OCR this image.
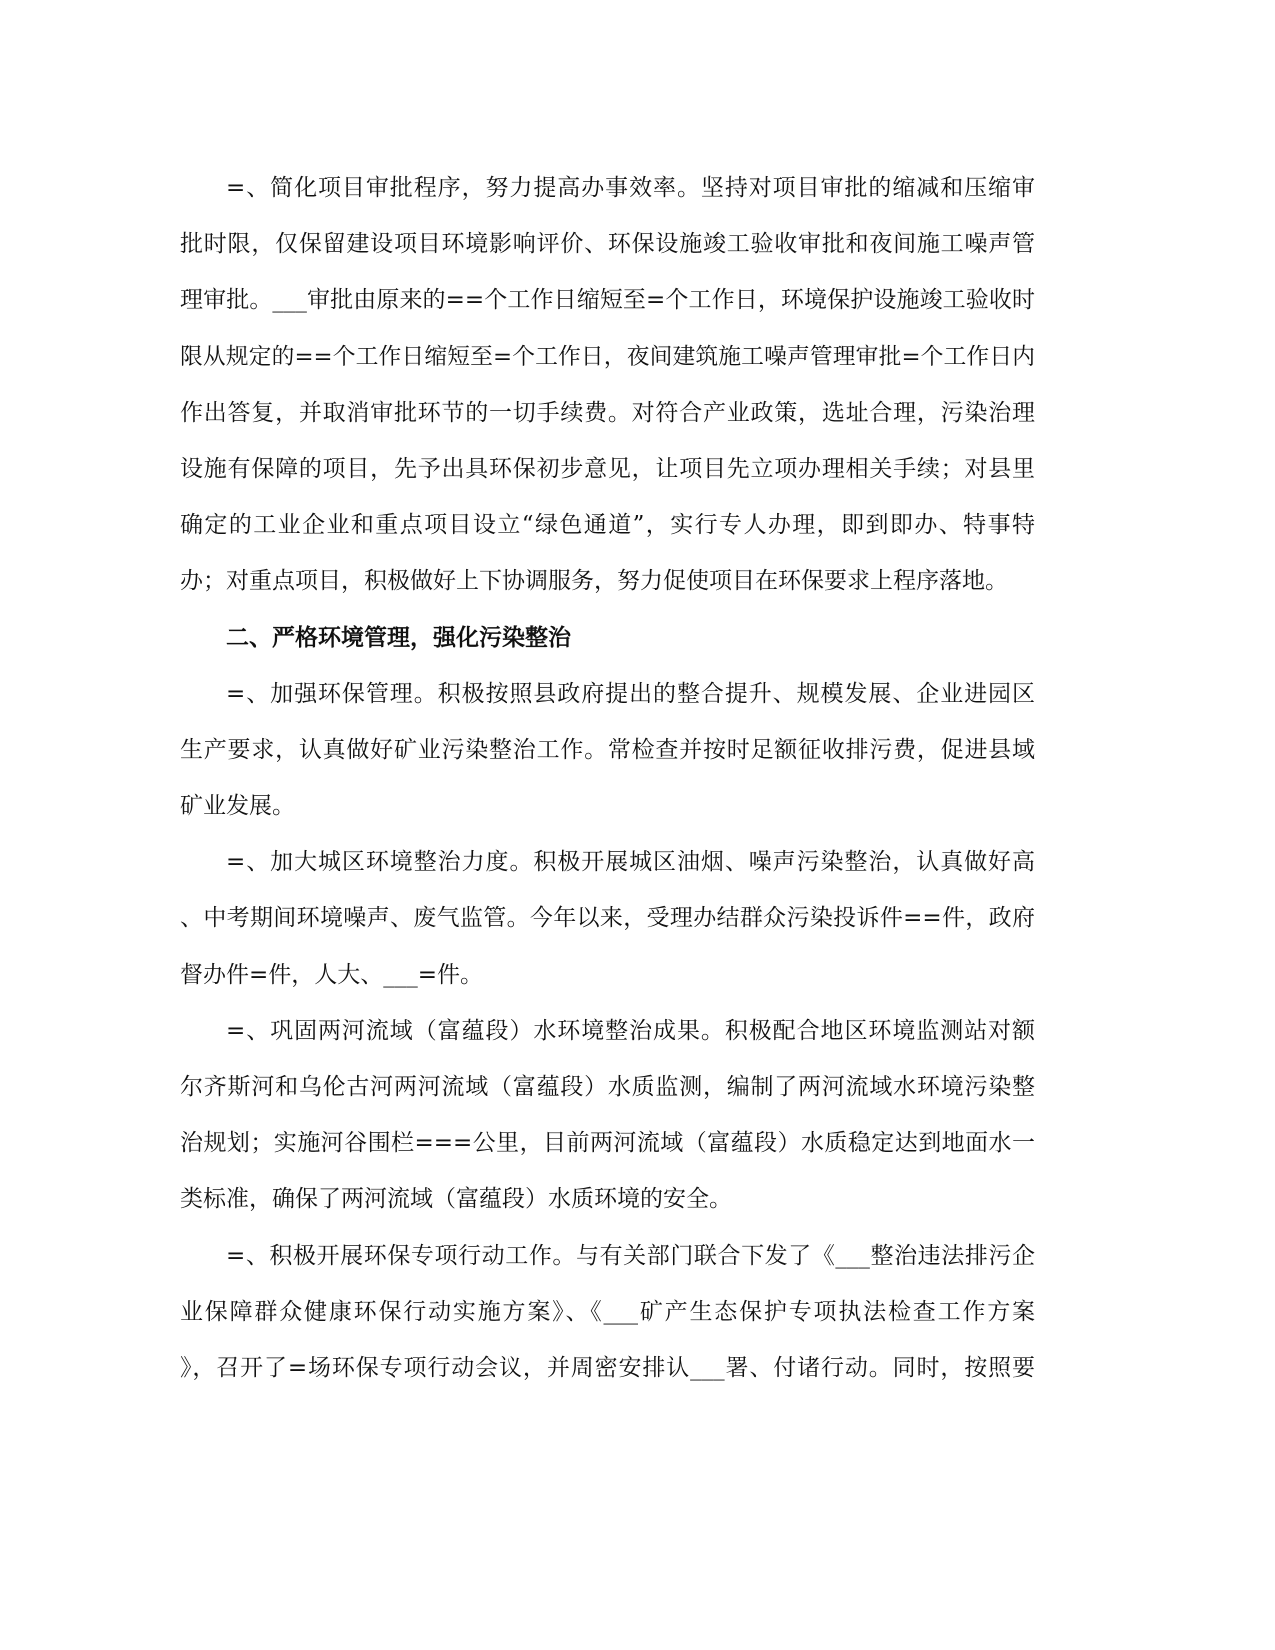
=、简化项目审批程序，努力提高办事效率。坚持对项目审批的缩减和压缩审
批时限，仅保留建设项目环境影响评价、环保设施竣工验收审批和夜间施工噪声管
理审批。___审批由原来的==个工作日缩短至=个工作日，环境保护设施竣工验收时
限从规定的==个工作日缩短至=个工作日，夜间建筑施工噪声管理审批=个工作日内
作出答复，并取消审批环节的一切手续费。对符合产业政策，选址合理，污染治理
设施有保障的项目，先予出具环保初步意见，让项目先立项办理相关手续；对县里
确定的工业企业和重点项目设立“绿色通道”，实行专人办理，即到即办、特事特
办；对重点项目，积极做好上下协调服务，努力促使项目在环保要求上程序落地。
二、严格环境管理，强化污染整治
=、加强环保管理。积极按照县政府提出的整合提升、规模发展、企业进园区
生产要求，认真做好矿业污染整治工作。常检查并按时足额征收排污费，促进县域
矿业发展。
=、加大城区环境整治力度。积极开展城区油烟、噪声污染整治，认真做好高
、中考期间环境噪声、废气监管。今年以来，受理办结群众污染投诉件==件，政府
督办件=件，人大、___=件。
=、巩固两河流域（富蕴段）水环境整治成果。积极配合地区环境监测站对额
尔齐斯河和乌伦古河两河流域（富蕴段）水质监测，编制了两河流域水环境污染整
治规划；实施河谷围栏===公里，目前两河流域（富蕴段）水质稳定达到地面水一
类标准，确保了两河流域（富蕴段）水质环境的安全。
=、积极开展环保专项行动工作。与有关部门联合下发了《___整治违法排污企
业保障群众健康环保行动实施方案》、《___矿产生态保护专项执法检查工作方案
》，召开了=场环保专项行动会议，并周密安排认___署、付诸行动。同时，按照要
